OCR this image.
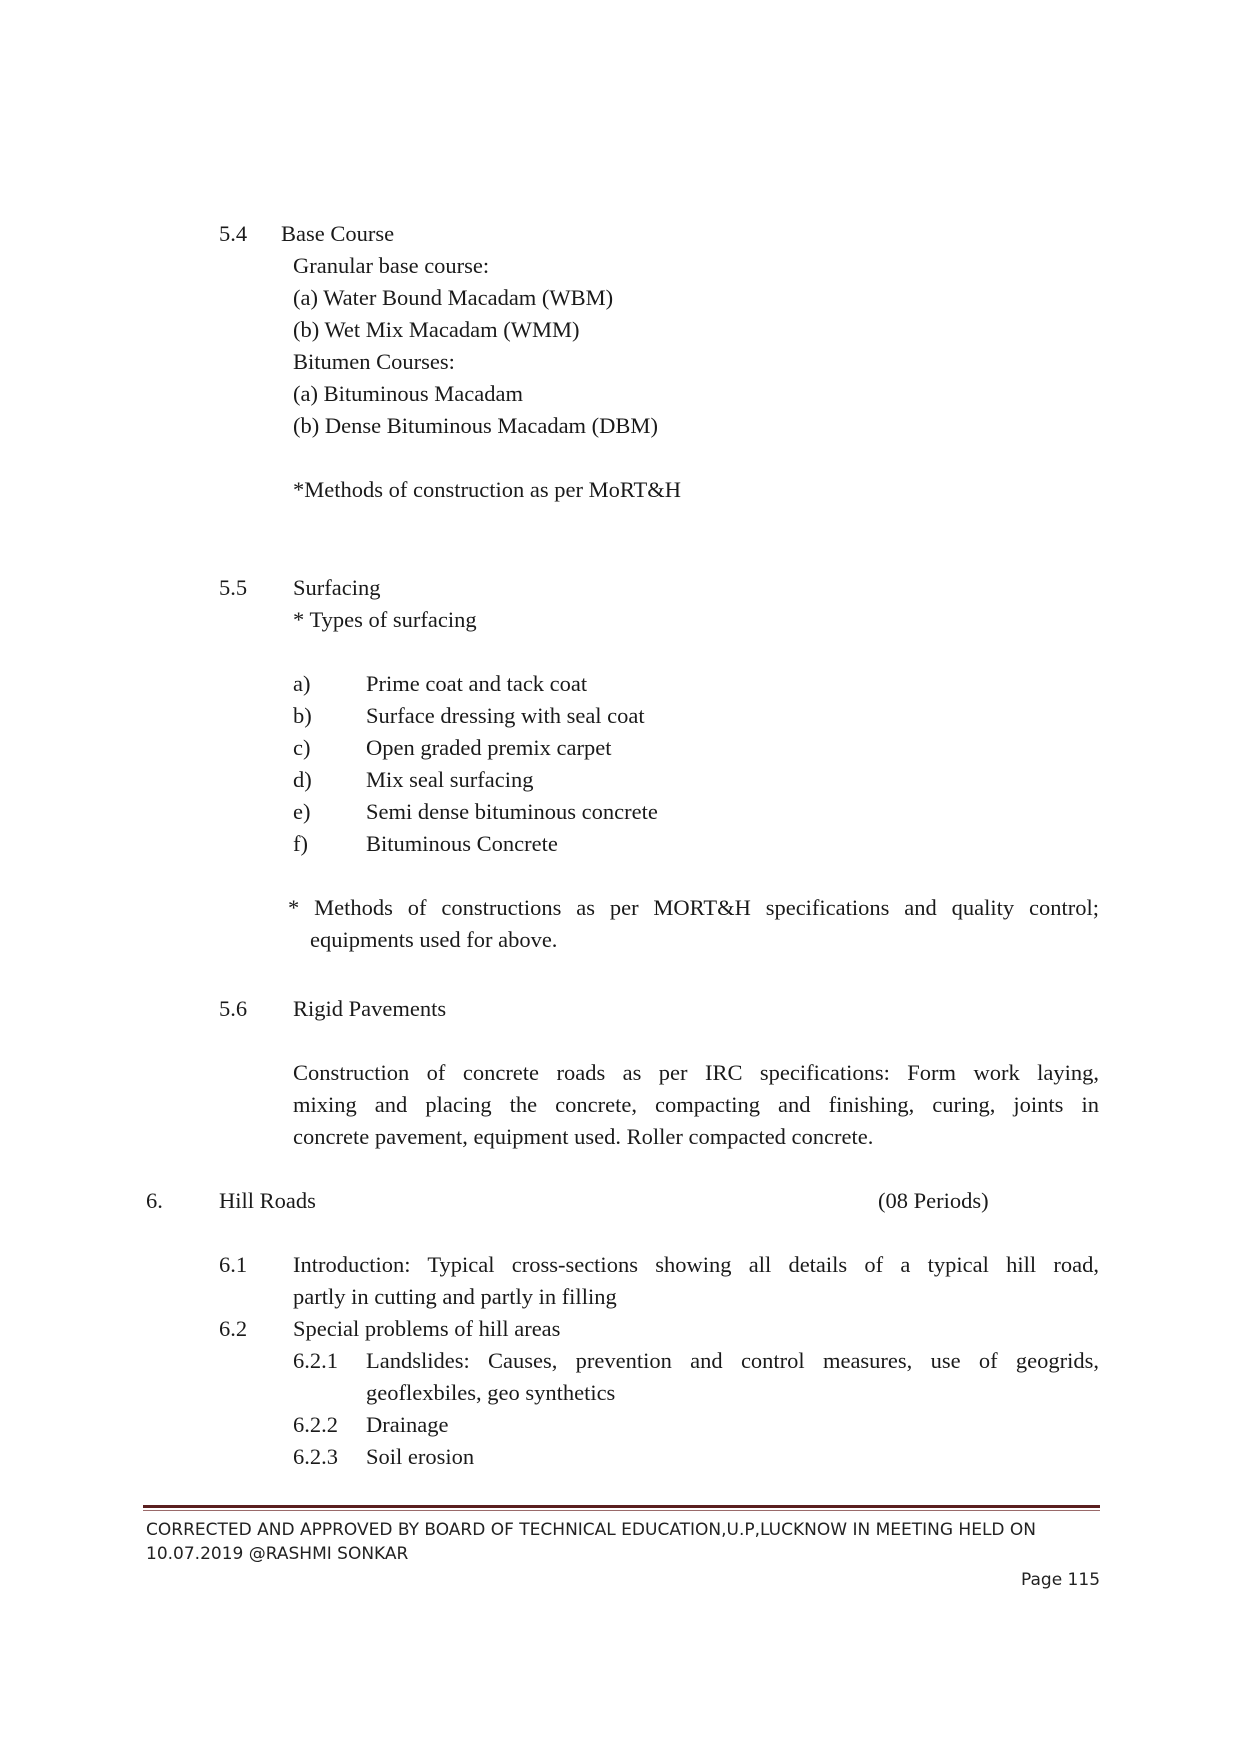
5.4 Base Course
Granular base course:
(a) Water Bound Macadam (WBM)
(b) Wet Mix Macadam (WMM)
Bitumen Courses:
(a) Bituminous Macadam
(b) Dense Bituminous Macadam (DBM)
*Methods of construction as per MoRT&H
5.5 Surfacing
* Types of surfacing
a) Prime coat and tack coat
b) Surface dressing with seal coat
c) Open graded premix carpet
d) Mix seal surfacing
e) Semi dense bituminous concrete
f)	Bituminous Concrete
* Methods of constructions as per MORT&H specifications and quality control;
equipments used for above.
5.6 Rigid Pavements
Construction of concrete roads as per IRC specifications: Form work laying,
mixing and placing the concrete, compacting and finishing, curing, joints in
concrete pavement, equipment used. Roller compacted concrete.
6. Hill Roads	(08 Periods)
6.1 Introduction: Typical cross-sections showing all details of a typical hill road,
partly in cutting and partly in filling
6.2 Special problems of hill areas
6.2.1 Landslides: Causes, prevention and control measures, use of geogrids,
geoflexbiles, geo synthetics
6.2.2 Drainage
6.2.3 Soil erosion
CORRECTED AND APPROVED BY BOARD OF TECHNICAL EDUCATION,U.P,LUCKNOW IN MEETING HELD ON
10.07.2019 @RASHMI SONKAR
Page 115
